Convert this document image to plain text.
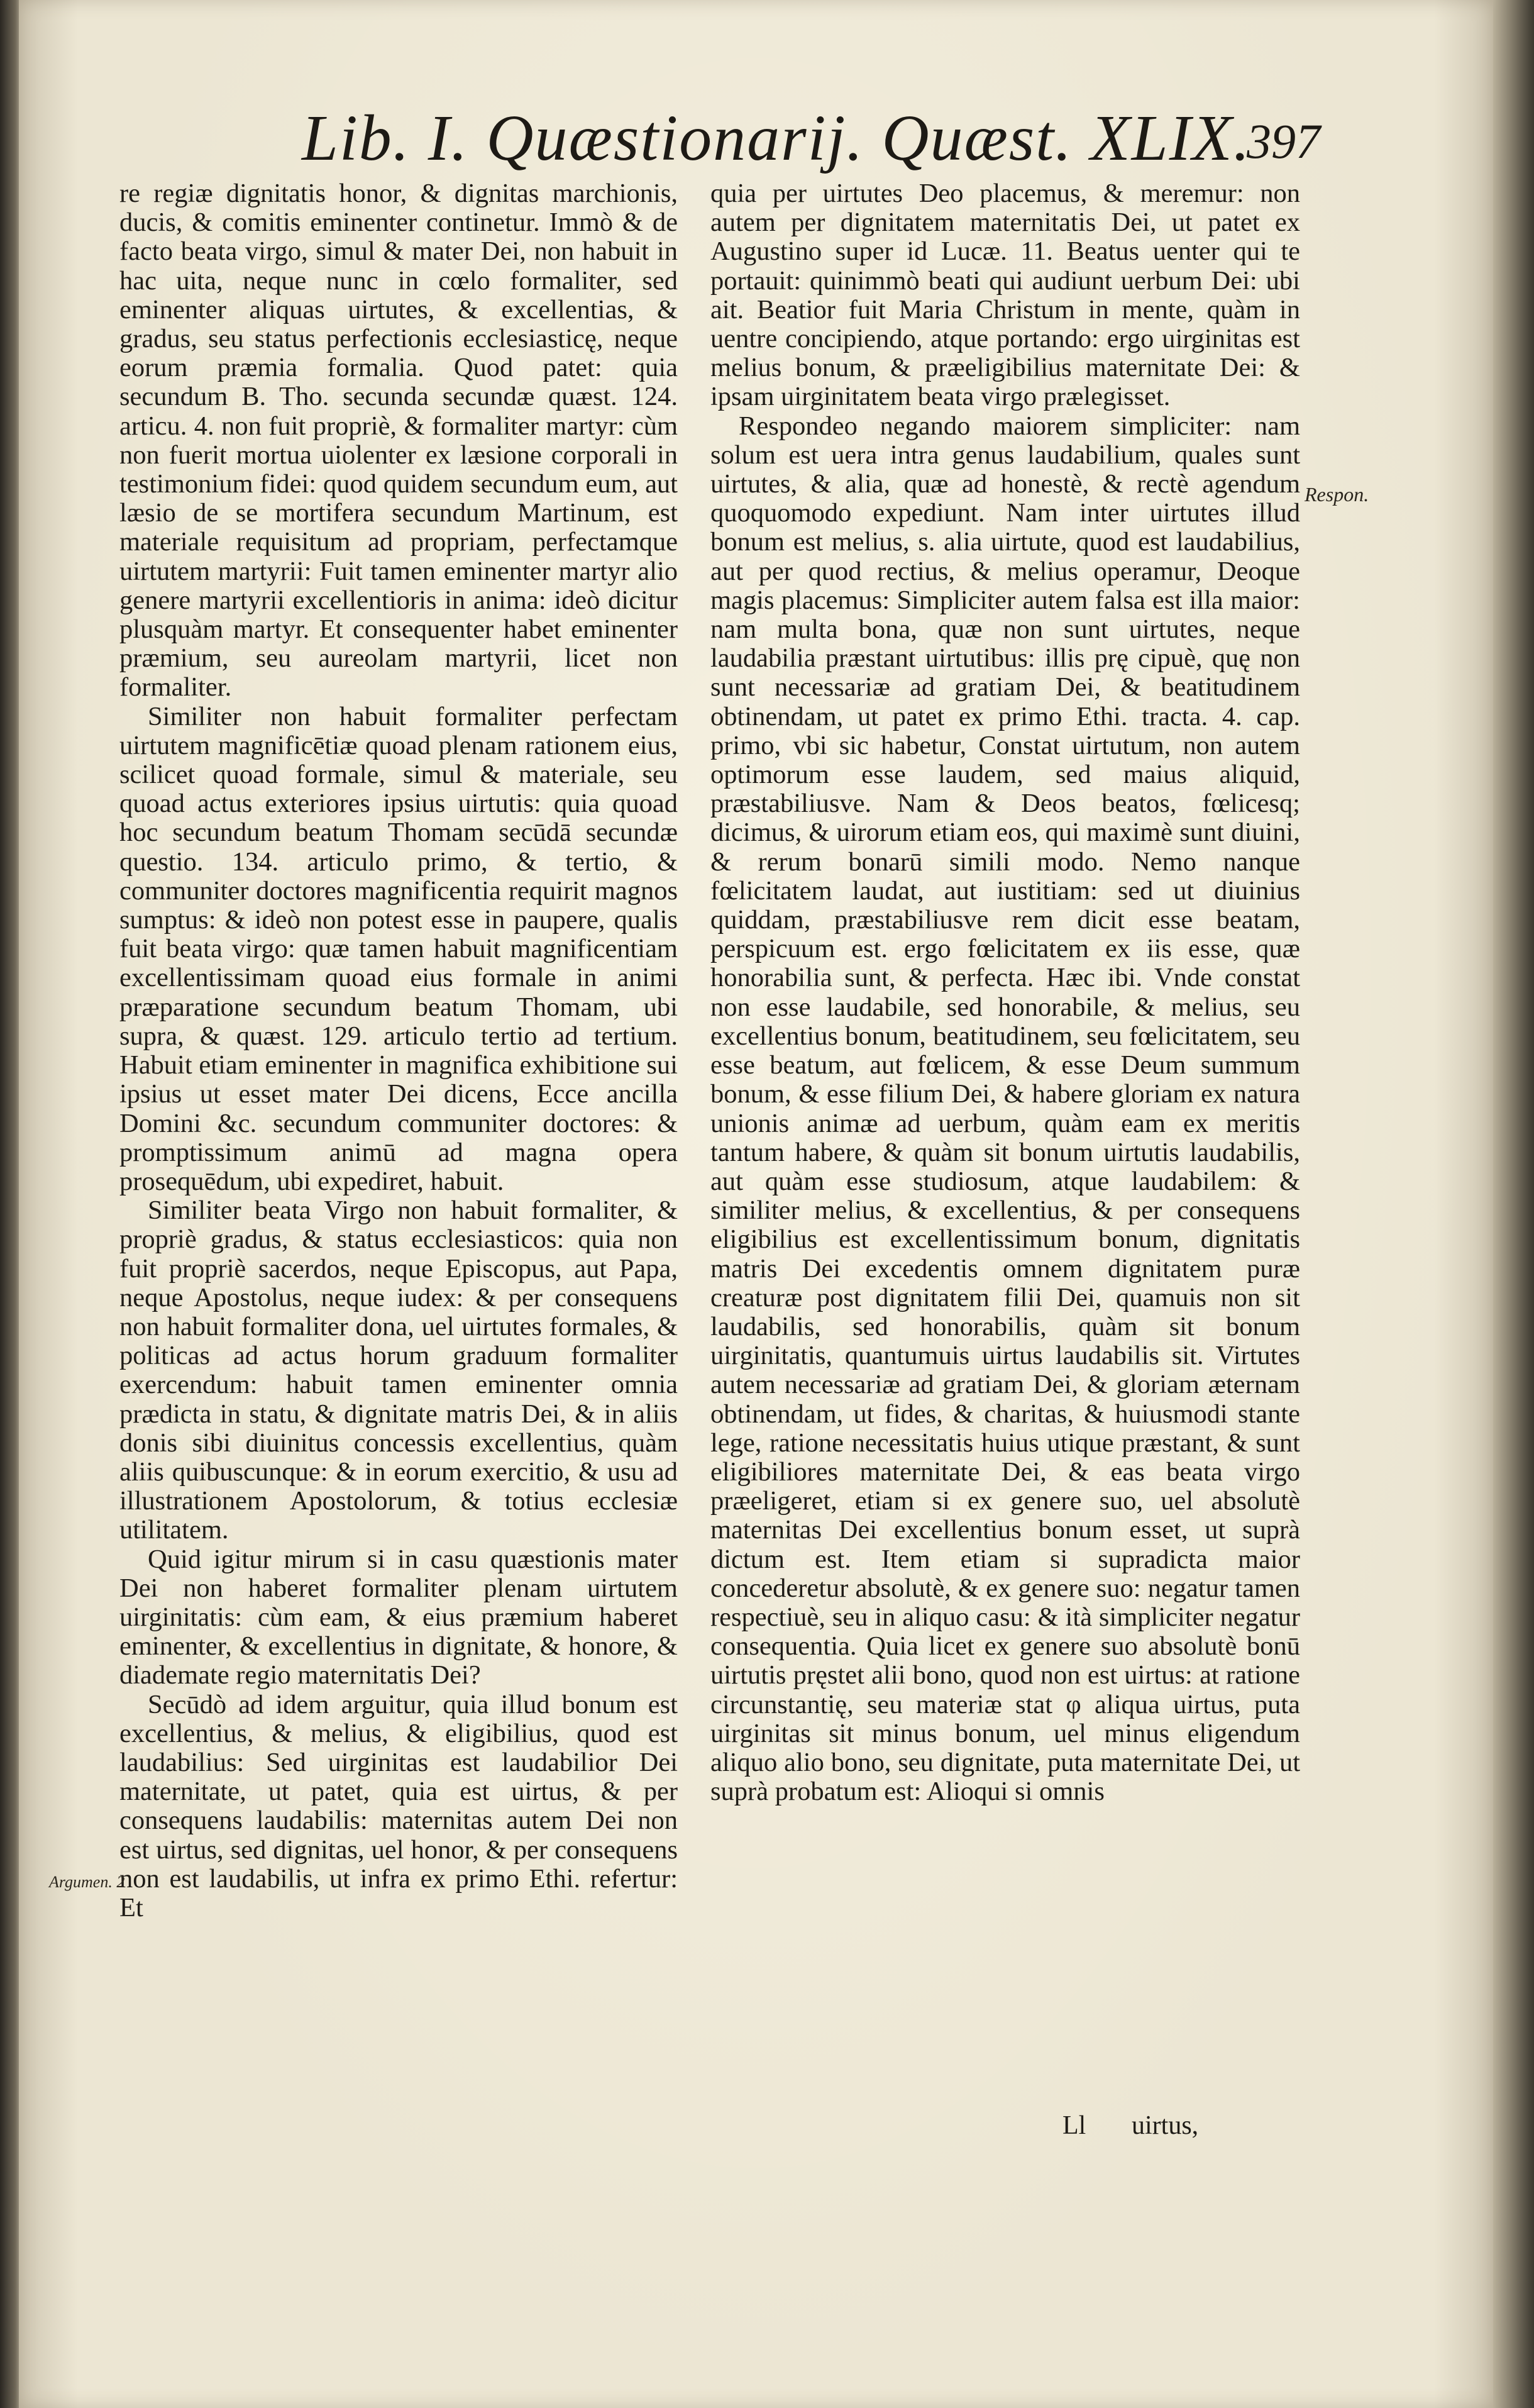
Lib. I. Quæstionarij. Quæst. XLIX.
397

re regiæ dignitatis honor, & dignitas marchionis, ducis, & comitis eminenter continetur. Immò & de facto beata virgo, simul & mater Dei, non habuit in hac uita, neque nunc in cœlo formaliter, sed eminenter aliquas uirtutes, & excellentias, & gradus, seu status perfectionis ecclesiasticę, neque eorum præmia formalia. Quod patet: quia secundum B. Tho. secunda secundæ quæst. 124. articu. 4. non fuit propriè, & formaliter martyr: cùm non fuerit mortua uiolenter ex læsione corporali in testimonium fidei: quod quidem secundum eum, aut læsio de se mortifera secundum Martinum, est materiale requisitum ad propriam, perfectamque uirtutem martyrii: Fuit tamen eminenter martyr alio genere martyrii excellentioris in anima: ideò dicitur plusquàm martyr. Et consequenter habet eminenter præmium, seu aureolam martyrii, licet non formaliter.

Similiter non habuit formaliter perfectam uirtutem magnificētiæ quoad plenam rationem eius, scilicet quoad formale, simul & materiale, seu quoad actus exteriores ipsius uirtutis: quia quoad hoc secundum beatum Thomam secūdā secundæ questio. 134. articulo primo, & tertio, & communiter doctores magnificentia requirit magnos sumptus: & ideò non potest esse in paupere, qualis fuit beata virgo: quæ tamen habuit magnificentiam excellentissimam quoad eius formale in animi præparatione secundum beatum Thomam, ubi supra, & quæst. 129. articulo tertio ad tertium. Habuit etiam eminenter in magnifica exhibitione sui ipsius ut esset mater Dei dicens, Ecce ancilla Domini &c. secundum communiter doctores: & promptissimum animū ad magna opera prosequēdum, ubi expediret, habuit.

Similiter beata Virgo non habuit formaliter, & propriè gradus, & status ecclesiasticos: quia non fuit propriè sacerdos, neque Episcopus, aut Papa, neque Apostolus, neque iudex: & per consequens non habuit formaliter dona, uel uirtutes formales, & politicas ad actus horum graduum formaliter exercendum: habuit tamen eminenter omnia prædicta in statu, & dignitate matris Dei, & in aliis donis sibi diuinitus concessis excellentius, quàm aliis quibuscunque: & in eorum exercitio, & usu ad illustrationem Apostolorum, & totius ecclesiæ utilitatem.

Quid igitur mirum si in casu quæstionis mater Dei non haberet formaliter plenam uirtutem uirginitatis: cùm eam, & eius præmium haberet eminenter, & excellentius in dignitate, & honore, & diademate regio maternitatis Dei?

Secūdò ad idem arguitur, quia illud bonum est excellentius, & melius, & eligibilius, quod est laudabilius: Sed uirginitas est laudabilior Dei maternitate, ut patet, quia est uirtus, & per consequens laudabilis: maternitas autem Dei non est uirtus, sed dignitas, uel honor, & per consequens non est laudabilis, ut infra ex primo Ethi. refertur: Et

quia per uirtutes Deo placemus, & meremur: non autem per dignitatem maternitatis Dei, ut patet ex Augustino super id Lucæ. 11. Beatus uenter qui te portauit: quinimmò beati qui audiunt uerbum Dei: ubi ait. Beatior fuit Maria Christum in mente, quàm in uentre concipiendo, atque portando: ergo uirginitas est melius bonum, & præeligibilius maternitate Dei: & ipsam uirginitatem beata virgo prælegisset.

Respondeo negando maiorem simpliciter: nam solum est uera intra genus laudabilium, quales sunt uirtutes, & alia, quæ ad honestè, & rectè agendum quoquomodo expediunt. Nam inter uirtutes illud bonum est melius, s. alia uirtute, quod est laudabilius, aut per quod rectius, & melius operamur, Deoque magis placemus: Simpliciter autem falsa est illa maior: nam multa bona, quæ non sunt uirtutes, neque laudabilia præstant uirtutibus: illis prę cipuè, quę non sunt necessariæ ad gratiam Dei, & beatitudinem obtinendam, ut patet ex primo Ethi. tracta. 4. cap. primo, vbi sic habetur, Constat uirtutum, non autem optimorum esse laudem, sed maius aliquid, præstabiliusve. Nam & Deos beatos, fœlicesq; dicimus, & uirorum etiam eos, qui maximè sunt diuini, & rerum bonarū simili modo. Nemo nanque fœlicitatem laudat, aut iustitiam: sed ut diuinius quiddam, præstabiliusve rem dicit esse beatam, perspicuum est. ergo fœlicitatem ex iis esse, quæ honorabilia sunt, & perfecta. Hæc ibi. Vnde constat non esse laudabile, sed honorabile, & melius, seu excellentius bonum, beatitudinem, seu fœlicitatem, seu esse beatum, aut fœlicem, & esse Deum summum bonum, & esse filium Dei, & habere gloriam ex natura unionis animæ ad uerbum, quàm eam ex meritis tantum habere, & quàm sit bonum uirtutis laudabilis, aut quàm esse studiosum, atque laudabilem: & similiter melius, & excellentius, & per consequens eligibilius est excellentissimum bonum, dignitatis matris Dei excedentis omnem dignitatem puræ creaturæ post dignitatem filii Dei, quamuis non sit laudabilis, sed honorabilis, quàm sit bonum uirginitatis, quantumuis uirtus laudabilis sit. Virtutes autem necessariæ ad gratiam Dei, & gloriam æternam obtinendam, ut fides, & charitas, & huiusmodi stante lege, ratione necessitatis huius utique præstant, & sunt eligibiliores maternitate Dei, & eas beata virgo præeligeret, etiam si ex genere suo, uel absolutè maternitas Dei excellentius bonum esset, ut suprà dictum est. Item etiam si supradicta maior concederetur absolutè, & ex genere suo: negatur tamen respectiuè, seu in aliquo casu: & ità simpliciter negatur consequentia. Quia licet ex genere suo absolutè bonū uirtutis pręstet alii bono, quod non est uirtus: at ratione circunstantię, seu materiæ stat φ aliqua uirtus, puta uirginitas sit minus bonum, uel minus eligendum aliquo alio bono, seu dignitate, puta maternitate Dei, ut suprà probatum est: Alioqui si omnis

Respon.
Argumen. 2
Ll uirtus,
